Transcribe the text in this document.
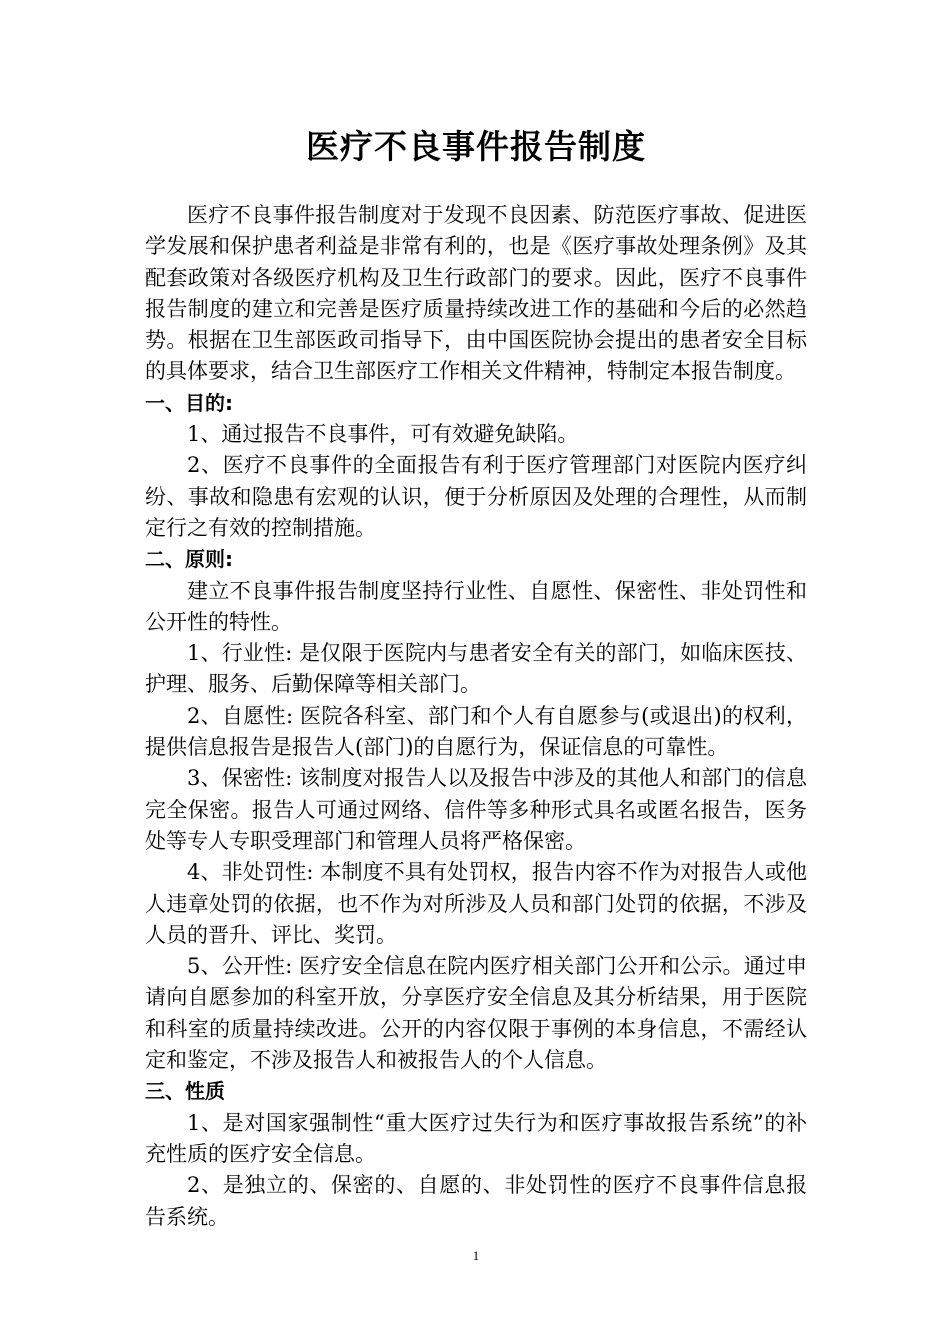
医疗不良事件报告制度

医疗不良事件报告制度对于发现不良因素、防范医疗事故、促进医学发展和保护患者利益是非常有利的，也是《医疗事故处理条例》及其配套政策对各级医疗机构及卫生行政部门的要求。因此，医疗不良事件报告制度的建立和完善是医疗质量持续改进工作的基础和今后的必然趋势。根据在卫生部医政司指导下，由中国医院协会提出的患者安全目标的具体要求，结合卫生部医疗工作相关文件精神，特制定本报告制度。

一、目的:

1、通过报告不良事件，可有效避免缺陷。

2、医疗不良事件的全面报告有利于医疗管理部门对医院内医疗纠纷、事故和隐患有宏观的认识，便于分析原因及处理的合理性，从而制定行之有效的控制措施。

二、原则:

建立不良事件报告制度坚持行业性、自愿性、保密性、非处罚性和公开性的特性。

1、行业性: 是仅限于医院内与患者安全有关的部门，如临床医技、护理、服务、后勤保障等相关部门。

2、自愿性: 医院各科室、部门和个人有自愿参与(或退出)的权利，提供信息报告是报告人(部门)的自愿行为，保证信息的可靠性。

3、保密性: 该制度对报告人以及报告中涉及的其他人和部门的信息完全保密。报告人可通过网络、信件等多种形式具名或匿名报告，医务处等专人专职受理部门和管理人员将严格保密。

4、非处罚性: 本制度不具有处罚权，报告内容不作为对报告人或他人违章处罚的依据，也不作为对所涉及人员和部门处罚的依据，不涉及人员的晋升、评比、奖罚。

5、公开性: 医疗安全信息在院内医疗相关部门公开和公示。通过申请向自愿参加的科室开放，分享医疗安全信息及其分析结果，用于医院和科室的质量持续改进。公开的内容仅限于事例的本身信息，不需经认定和鉴定，不涉及报告人和被报告人的个人信息。

三、性质

1、是对国家强制性“重大医疗过失行为和医疗事故报告系统”的补充性质的医疗安全信息。

2、是独立的、保密的、自愿的、非处罚性的医疗不良事件信息报告系统。

1
